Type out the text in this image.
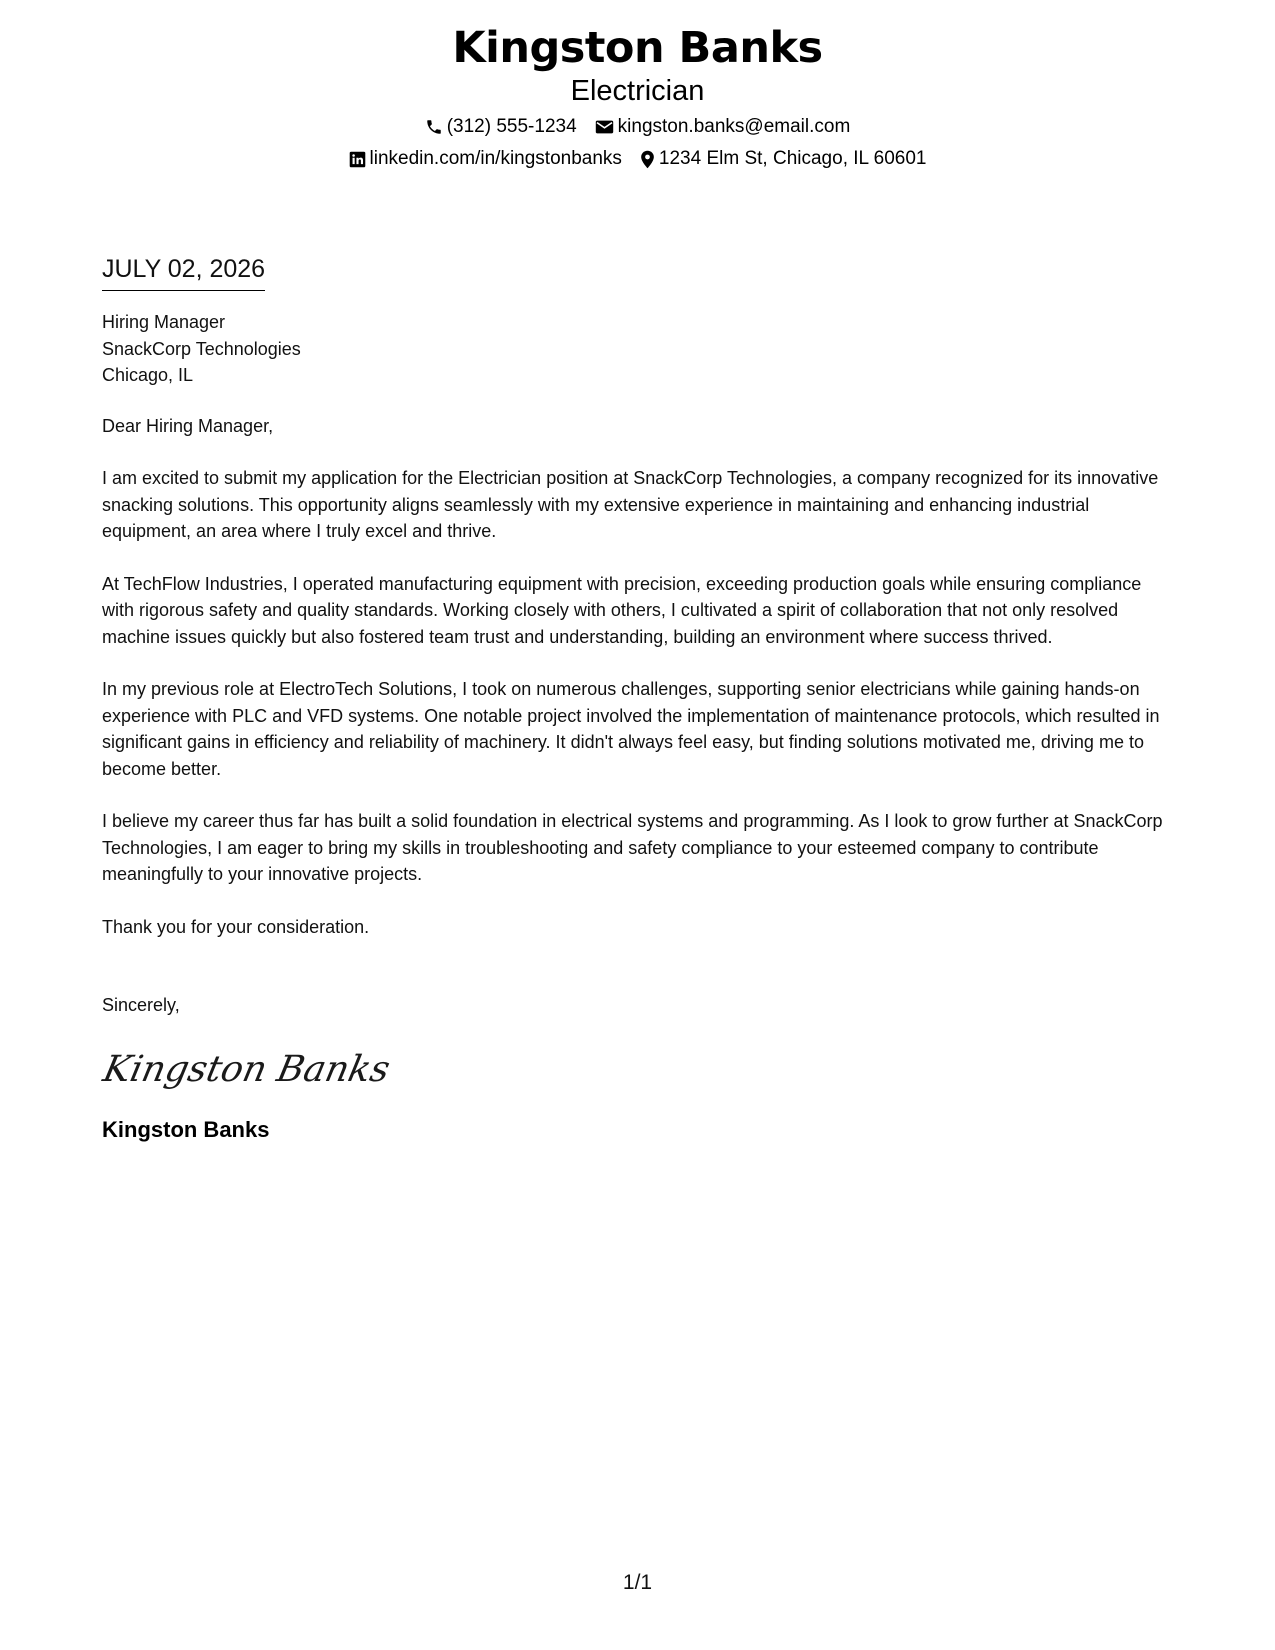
Kingston Banks
Electrician
(312) 555-1234 kingston.banks@email.com
linkedin.com/in/kingstonbanks 1234 Elm St, Chicago, IL 60601
JULY 02, 2026
Hiring Manager
SnackCorp Technologies
Chicago, IL
Dear Hiring Manager,
I am excited to submit my application for the Electrician position at SnackCorp Technologies, a company recognized for its innovative snacking solutions. This opportunity aligns seamlessly with my extensive experience in maintaining and enhancing industrial equipment, an area where I truly excel and thrive.
At TechFlow Industries, I operated manufacturing equipment with precision, exceeding production goals while ensuring compliance with rigorous safety and quality standards. Working closely with others, I cultivated a spirit of collaboration that not only resolved machine issues quickly but also fostered team trust and understanding, building an environment where success thrived.
In my previous role at ElectroTech Solutions, I took on numerous challenges, supporting senior electricians while gaining hands-on experience with PLC and VFD systems. One notable project involved the implementation of maintenance protocols, which resulted in significant gains in efficiency and reliability of machinery. It didn't always feel easy, but finding solutions motivated me, driving me to become better.
I believe my career thus far has built a solid foundation in electrical systems and programming. As I look to grow further at SnackCorp Technologies, I am eager to bring my skills in troubleshooting and safety compliance to your esteemed company to contribute meaningfully to your innovative projects.
Thank you for your consideration.
Sincerely,
Kingston Banks
Kingston Banks
1/1
